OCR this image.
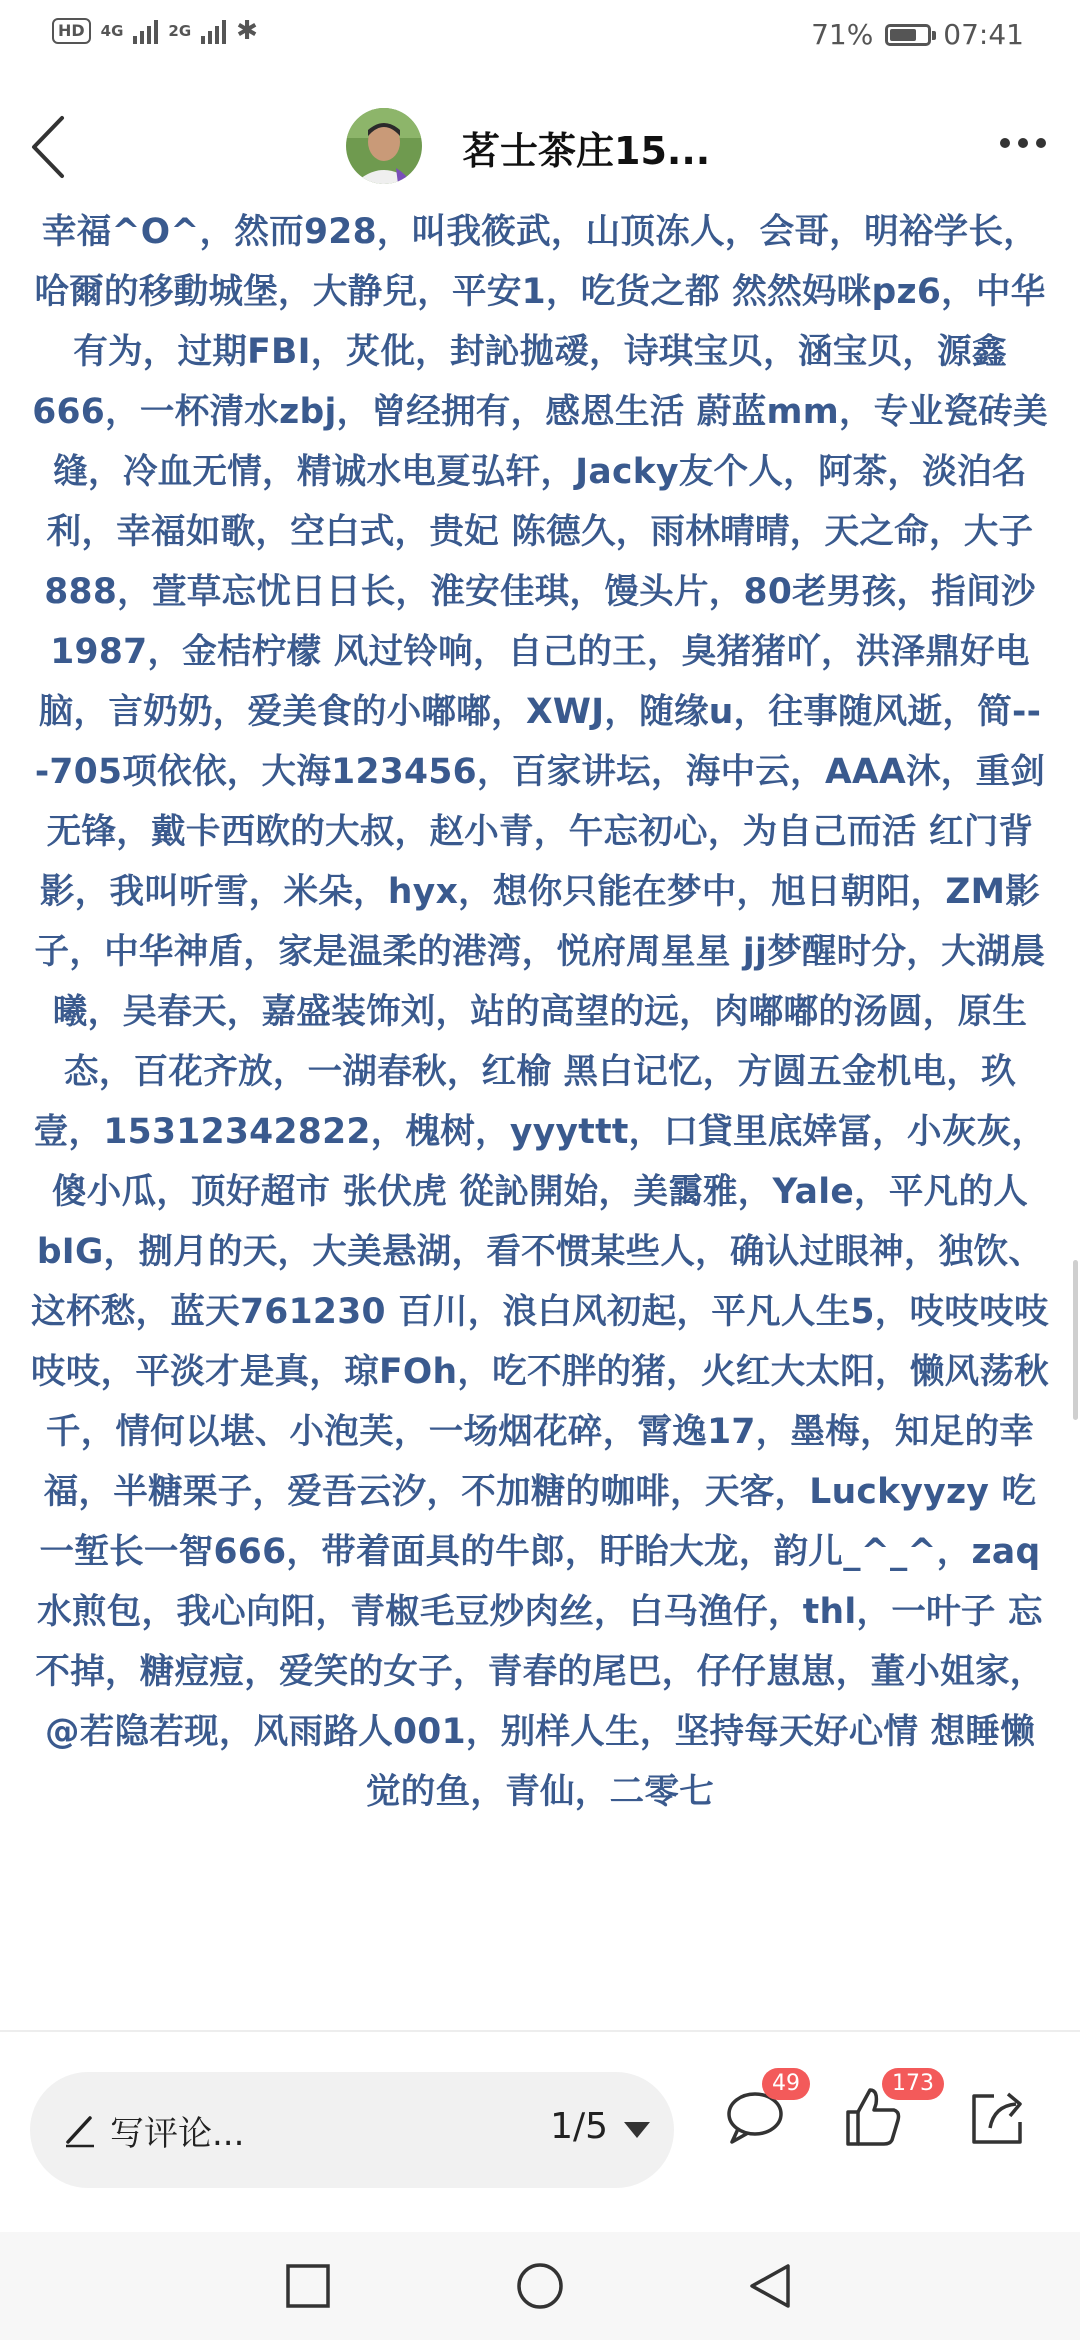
HD	4G	2G ✱	71%	07:41
茗士茶庄15...

幸福^O^，然而928，叫我筱武，山顶冻人，会哥，明裕学长，哈爾的移動城堡，大静兒，平安1，吃货之都 然然妈咪pz6，中华有为，过期FBI，炗仳，封訫拋叆，诗琪宝贝，涵宝贝，源鑫666，一杯清水zbj，曾经拥有，感恩生活 蔚蓝mm，专业瓷砖美缝，冷血无情，精诚水电夏弘轩，Jacky友个人，阿茶，淡泊名利，幸福如歌，空白式，贵妃 陈德久，雨林晴晴，天之命，大子888，萱草忘忧日日长，淮安佳琪，馒头片，80老男孩，指间沙1987，金桔柠檬 风过铃响，自己的王，臭猪猪吖，洪泽鼎好电脑，言奶奶，爱美食的小嘟嘟，XWJ，随缘u，往事随风逝，简---705项依依，大海123456，百家讲坛，海中云，AAA沐，重剑无锋，戴卡西欧的大叔，赵小青，午忘初心，为自己而活 红门背影，我叫听雪，米朵，hyx，想你只能在梦中，旭日朝阳，ZM影子，中华神盾，家是温柔的港湾，悦府周星星 jj梦醒时分，大湖晨曦，吴春天，嘉盛装饰刘，站的高望的远，肉嘟嘟的汤圆，原生态，百花齐放，一湖春秋，红榆 黑白记忆，方圆五金机电，玖壹，15312342822，槐树，yyyttt，口貸里底婞冨，小灰灰，傻小瓜，顶好超市 张伏虎 從訫開始，美靄雅，Yale，平凡的人bIG，捌月的天，大美悬湖，看不惯某些人，确认过眼神，独饮、这杯愁，蓝天761230 百川，浪白风初起，平凡人生5，吱吱吱吱吱吱，平淡才是真，琼FOh，吃不胖的猪，火红大太阳，懒风荡秋千，情何以堪、小泡芙，一场烟花碎，霄逸17，墨梅，知足的幸福，半糖栗子，爱吾云汐，不加糖的咖啡，天客，Luckyyzy 吃一堑长一智666，带着面具的牛郎，盱眙大龙，韵儿_^_^，zaq水煎包，我心向阳，青椒毛豆炒肉丝，白马渔仔，thl，一叶子 忘不掉，糖痘痘，爱笑的女子，青春的尾巴，仔仔崽崽，董小姐家，@若隐若现，风雨路人001，别样人生，坚持每天好心情 想睡懒觉的鱼，青仙，二零七

写评论...	1/5
49	173
